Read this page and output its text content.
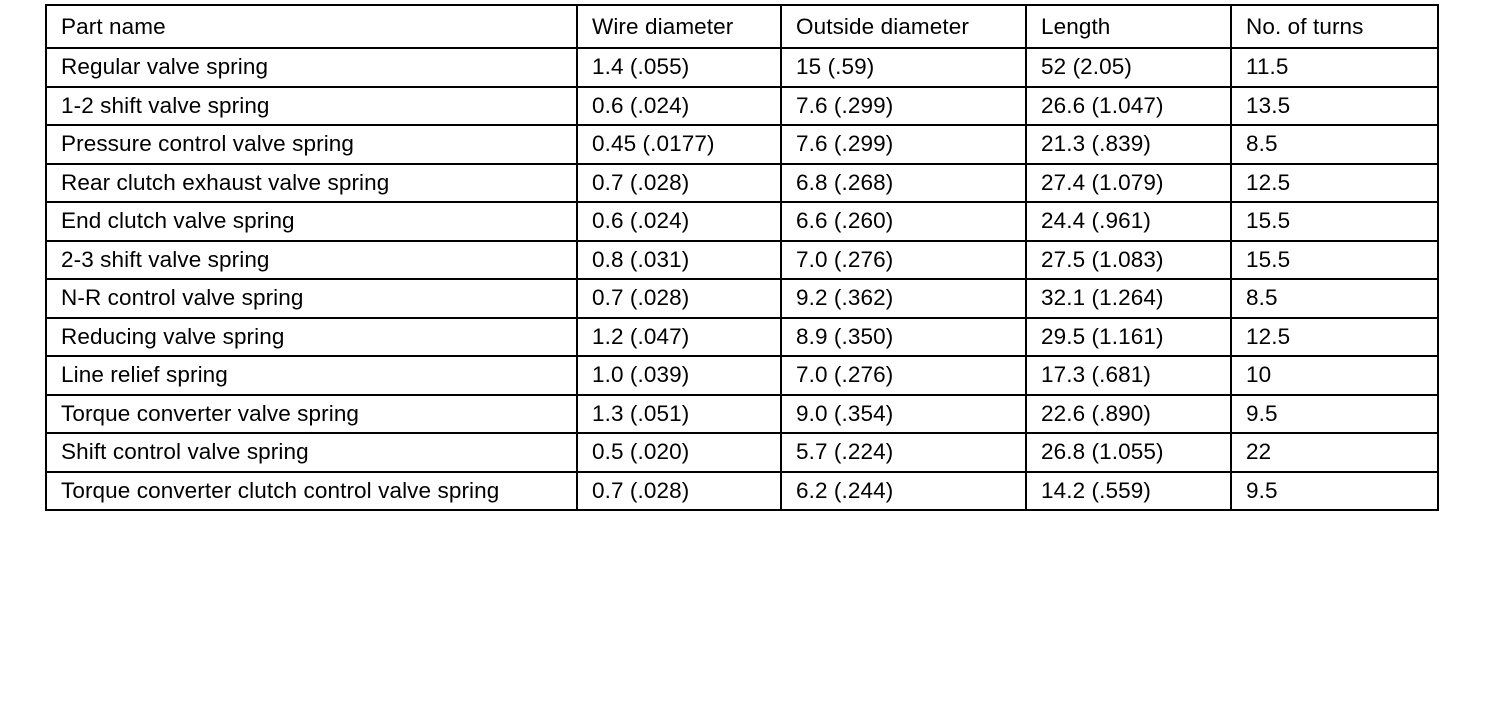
Part name	Wire diameter	Outside diameter	Length	No. of turns
Regular valve spring	1.4 (.055)	15 (.59)	52 (2.05)	11.5
1-2 shift valve spring	0.6 (.024)	7.6 (.299)	26.6 (1.047)	13.5
Pressure control valve spring	0.45 (.0177)	7.6 (.299)	21.3 (.839)	8.5
Rear clutch exhaust valve spring	0.7 (.028)	6.8 (.268)	27.4 (1.079)	12.5
End clutch valve spring	0.6 (.024)	6.6 (.260)	24.4 (.961)	15.5
2-3 shift valve spring	0.8 (.031)	7.0 (.276)	27.5 (1.083)	15.5
N-R control valve spring	0.7 (.028)	9.2 (.362)	32.1 (1.264)	8.5
Reducing valve spring	1.2 (.047)	8.9 (.350)	29.5 (1.161)	12.5
Line relief spring	1.0 (.039)	7.0 (.276)	17.3 (.681)	10
Torque converter valve spring	1.3 (.051)	9.0 (.354)	22.6 (.890)	9.5
Shift control valve spring	0.5 (.020)	5.7 (.224)	26.8 (1.055)	22
Torque converter clutch control valve spring	0.7 (.028)	6.2 (.244)	14.2 (.559)	9.5
